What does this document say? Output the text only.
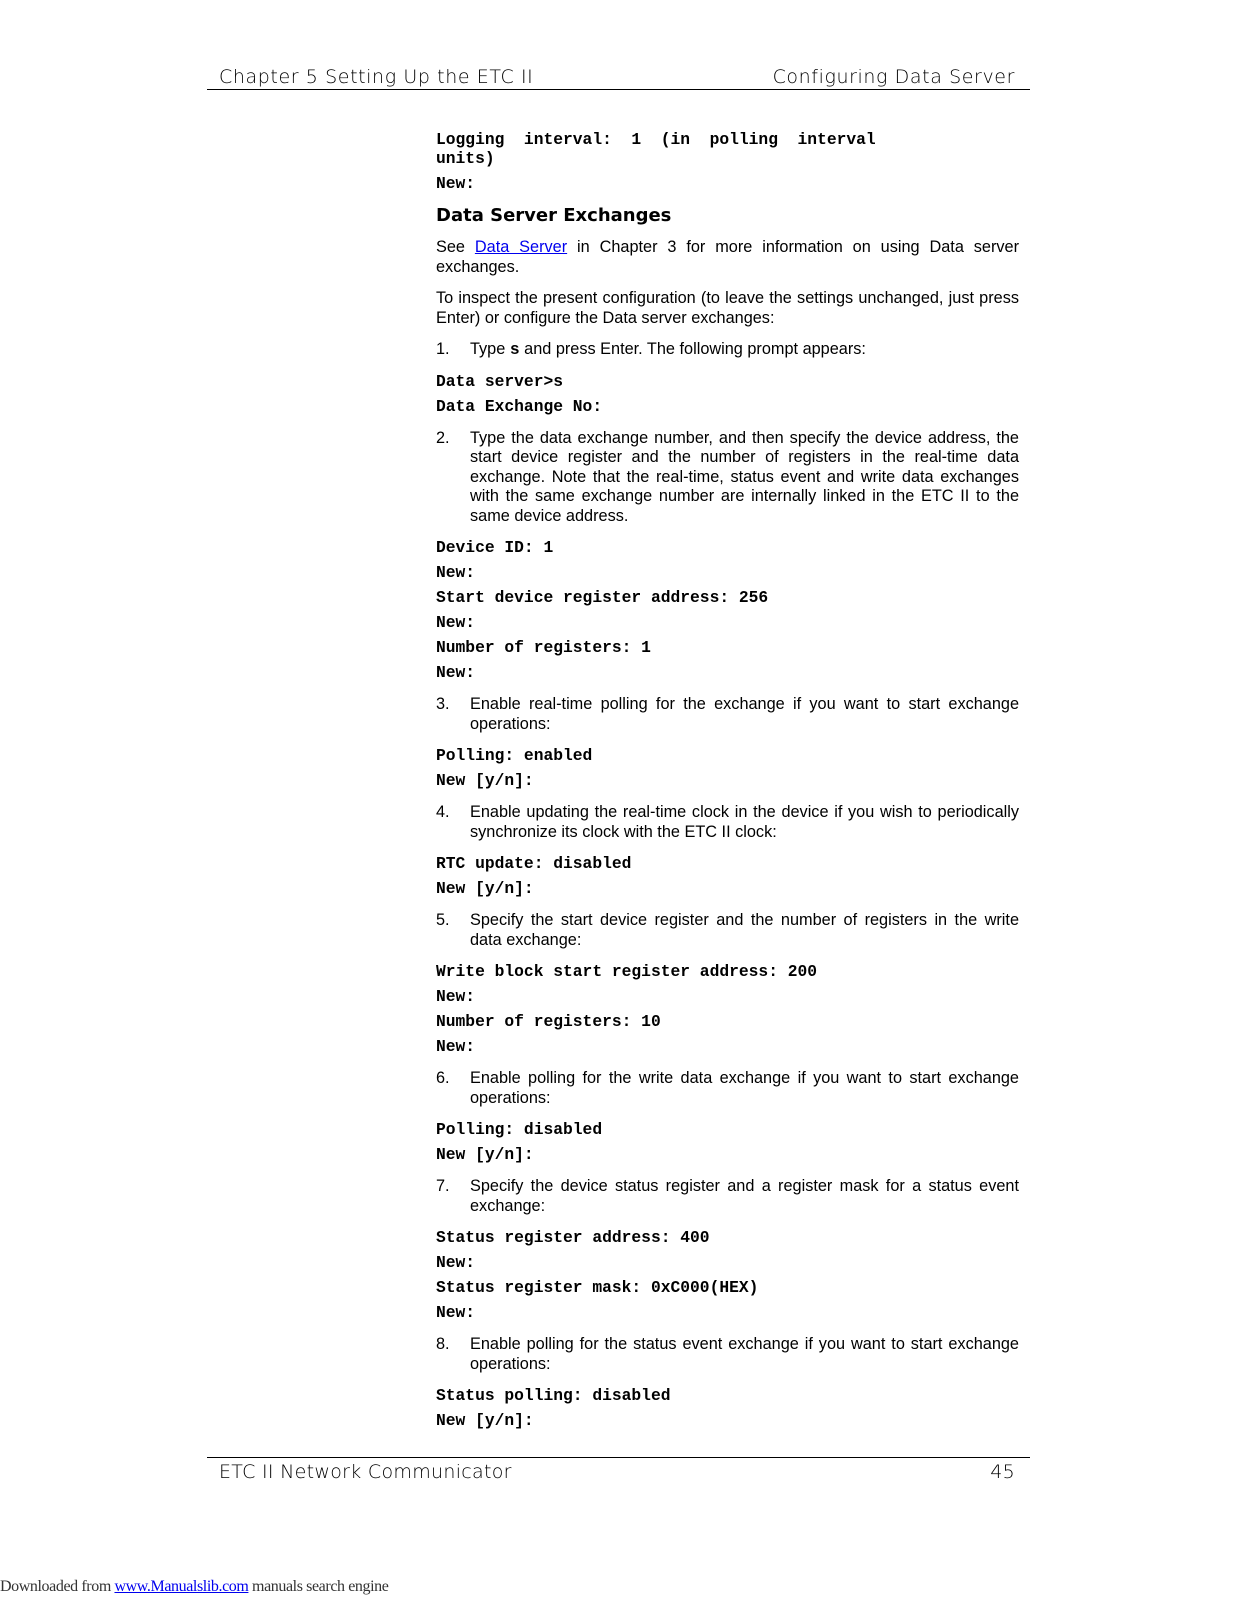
Chapter 5 Setting Up the ETC II	Configuring Data Server
Logging  interval:  1  (in  polling  interval units)
New:
Data Server Exchanges

See Data Server in Chapter 3 for more information on using Data server exchanges.

To inspect the present configuration (to leave the settings unchanged, just press Enter) or configure the Data server exchanges:

1.	Type s and press Enter. The following prompt appears:
Data server>s
Data Exchange No:
2.	Type the data exchange number, and then specify the device address, the start device register and the number of registers in the real-time data exchange. Note that the real-time, status event and write data exchanges with the same exchange number are internally linked in the ETC II to the same device address.
Device ID: 1
New:
Start device register address: 256
New:
Number of registers: 1
New:
3.	Enable real-time polling for the exchange if you want to start exchange operations:
Polling: enabled
New [y/n]:
4.	Enable updating the real-time clock in the device if you wish to periodically synchronize its clock with the ETC II clock:
RTC update: disabled
New [y/n]:
5.	Specify the start device register and the number of registers in the write data exchange:
Write block start register address: 200
New:
Number of registers: 10
New:
6.	Enable polling for the write data exchange if you want to start exchange operations:
Polling: disabled
New [y/n]:
7.	Specify the device status register and a register mask for a status event exchange:
Status register address: 400
New:
Status register mask: 0xC000(HEX)
New:
8.	Enable polling for the status event exchange if you want to start exchange operations:
Status polling: disabled
New [y/n]:
ETC II Network Communicator	45
Downloaded from www.Manualslib.com manuals search engine
